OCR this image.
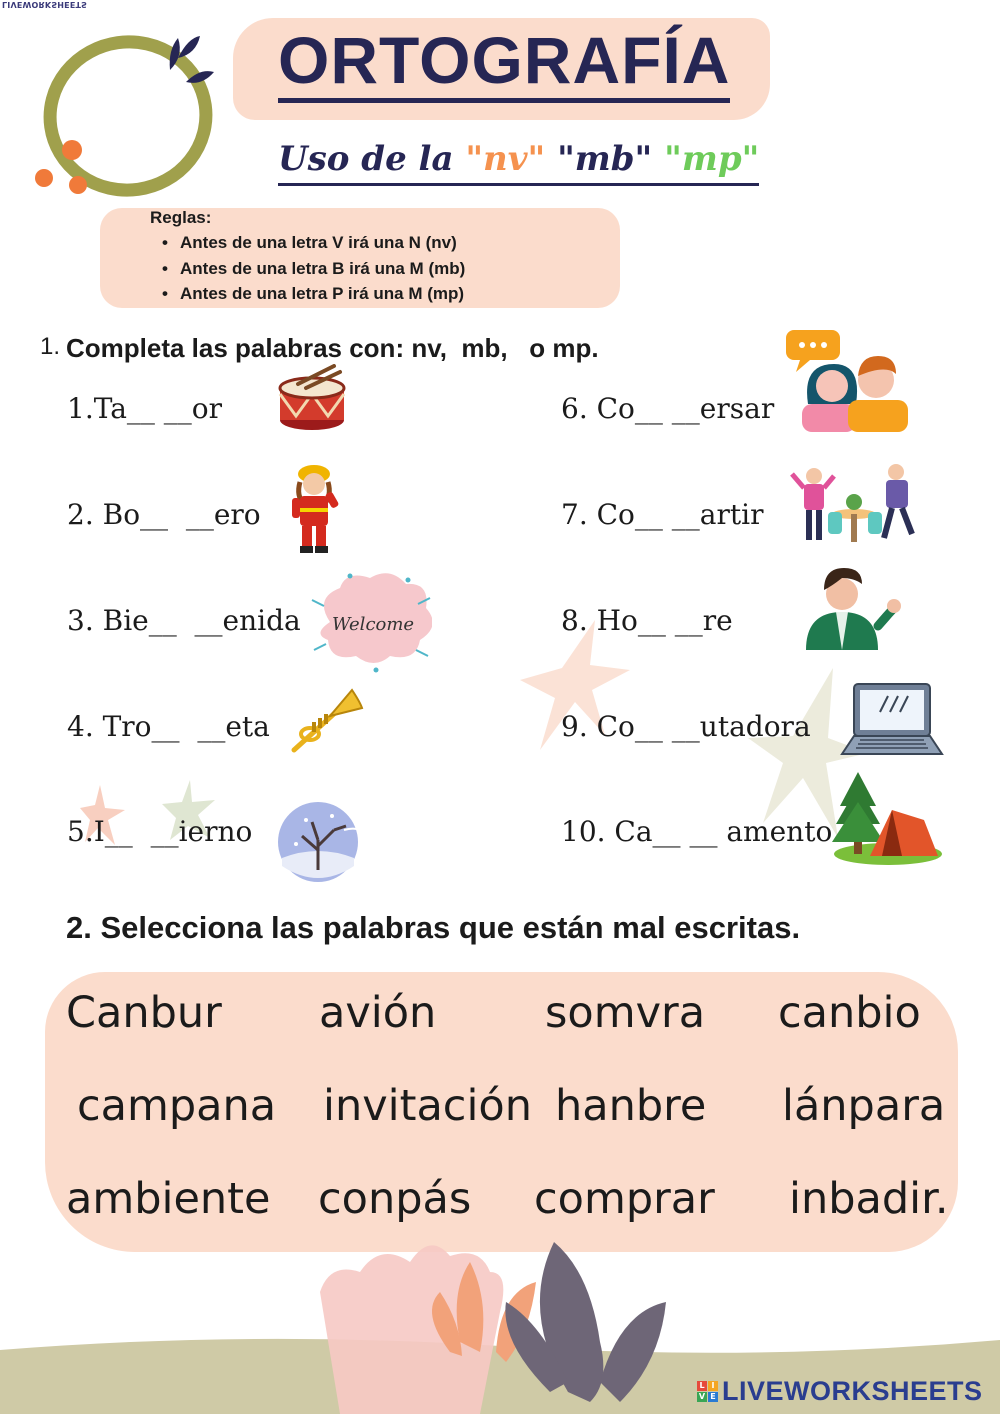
LIVEWORKSHEETS
ORTOGRAFÍA
Uso de la "nv" "mb" "mp"
Reglas:
• Antes de una letra V irá una N (nv)
• Antes de una letra B irá una M (mb)
• Antes de una letra P irá una M (mp)
1. Completa las palabras con: nv,  mb,   o mp.
1.Ta__ __or
2. Bo__  __ero
3. Bie__  __enida
4. Tro__  __eta
5.I__  __ierno
6. Co__ __ersar
7. Co__ __artir
8. Ho__ __re
9. Co__ __utadora
10. Ca__ __ amento
Welcome
2. Selecciona las palabras que están mal escritas.
Canbur avión	somvra canbio
campana invitación hanbre lánpara
ambiente conpás comprar inbadir.
L I
V E LIVEWORKSHEETS
